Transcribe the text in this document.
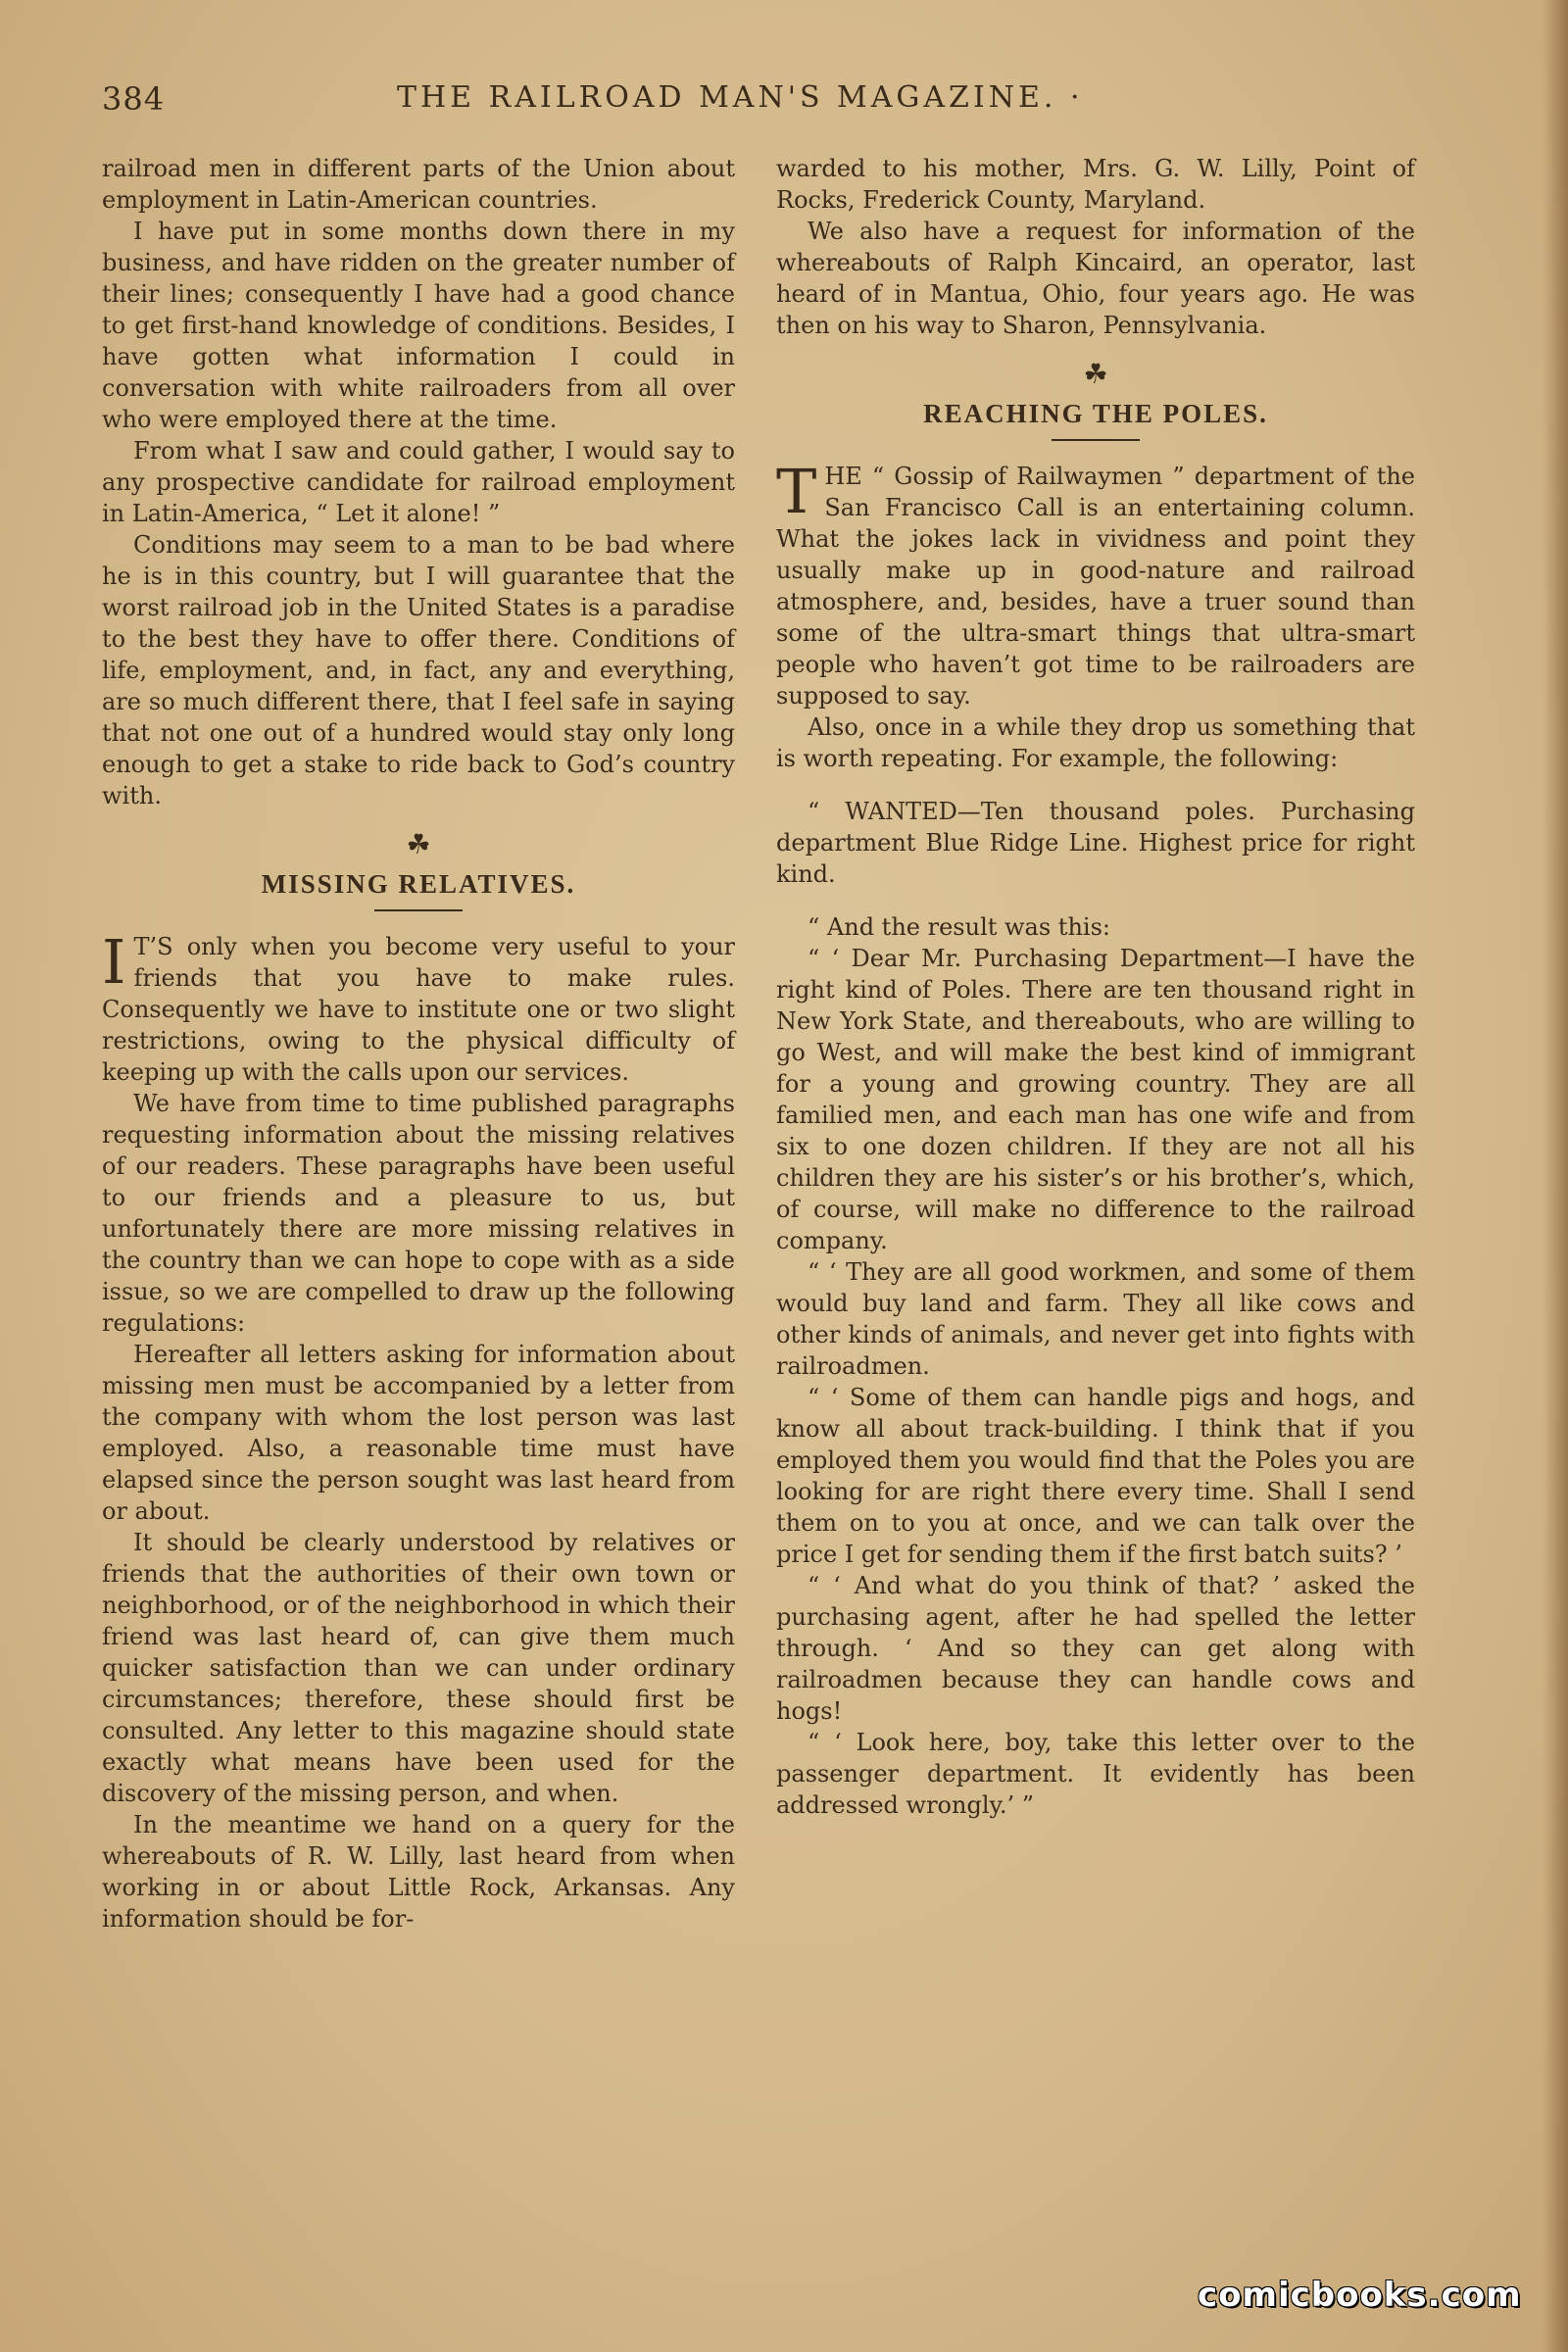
384	THE RAILROAD MAN'S MAGAZINE. ·

railroad men in different parts of the Union about employment in Latin-American countries.

I have put in some months down there in my business, and have ridden on the greater number of their lines; consequently I have had a good chance to get first-hand knowledge of conditions. Besides, I have gotten what information I could in conversation with white railroaders from all over who were employed there at the time.

From what I saw and could gather, I would say to any prospective candidate for railroad employment in Latin-America, “ Let it alone! ”

Conditions may seem to a man to be bad where he is in this country, but I will guarantee that the worst railroad job in the United States is a paradise to the best they have to offer there. Conditions of life, employment, and, in fact, any and everything, are so much different there, that I feel safe in saying that not one out of a hundred would stay only long enough to get a stake to ride back to God’s country with.

☘
MISSING RELATIVES.

I T’S only when you become very useful to your friends that you have to make rules. Consequently we have to institute one or two slight restrictions, owing to the physical difficulty of keeping up with the calls upon our services.

We have from time to time published paragraphs requesting information about the missing relatives of our readers. These paragraphs have been useful to our friends and a pleasure to us, but unfortunately there are more missing relatives in the country than we can hope to cope with as a side issue, so we are compelled to draw up the following regulations:

Hereafter all letters asking for information about missing men must be accompanied by a letter from the company with whom the lost person was last employed. Also, a reasonable time must have elapsed since the person sought was last heard from or about.

It should be clearly understood by relatives or friends that the authorities of their own town or neighborhood, or of the neighborhood in which their friend was last heard of, can give them much quicker satisfaction than we can under ordinary circumstances; therefore, these should first be consulted. Any letter to this magazine should state exactly what means have been used for the discovery of the missing person, and when.

In the meantime we hand on a query for the whereabouts of R. W. Lilly, last heard from when working in or about Little Rock, Arkansas. Any information should be for-

warded to his mother, Mrs. G. W. Lilly, Point of Rocks, Frederick County, Maryland.

We also have a request for information of the whereabouts of Ralph Kincaird, an operator, last heard of in Mantua, Ohio, four years ago. He was then on his way to Sharon, Pennsylvania.

☘
REACHING THE POLES.

THE “ Gossip of Railwaymen ” department of the San Francisco Call is an entertaining column. What the jokes lack in vividness and point they usually make up in good-nature and railroad atmosphere, and, besides, have a truer sound than some of the ultra-smart things that ultra-smart people who haven’t got time to be railroaders are supposed to say.

Also, once in a while they drop us something that is worth repeating. For example, the following:

“ WANTED—Ten thousand poles. Purchasing department Blue Ridge Line. Highest price for right kind.

“ And the result was this:

“ ‘ Dear Mr. Purchasing Department—I have the right kind of Poles. There are ten thousand right in New York State, and thereabouts, who are willing to go West, and will make the best kind of immigrant for a young and growing country. They are all familied men, and each man has one wife and from six to one dozen children. If they are not all his children they are his sister’s or his brother’s, which, of course, will make no difference to the railroad company.

“ ‘ They are all good workmen, and some of them would buy land and farm. They all like cows and other kinds of animals, and never get into fights with railroadmen.

“ ‘ Some of them can handle pigs and hogs, and know all about track-building. I think that if you employed them you would find that the Poles you are looking for are right there every time. Shall I send them on to you at once, and we can talk over the price I get for sending them if the first batch suits? ’

“ ‘ And what do you think of that? ’ asked the purchasing agent, after he had spelled the letter through. ‘ And so they can get along with railroadmen because they can handle cows and hogs!

“ ‘ Look here, boy, take this letter over to the passenger department. It evidently has been addressed wrongly.’ ”

comicbooks.com
